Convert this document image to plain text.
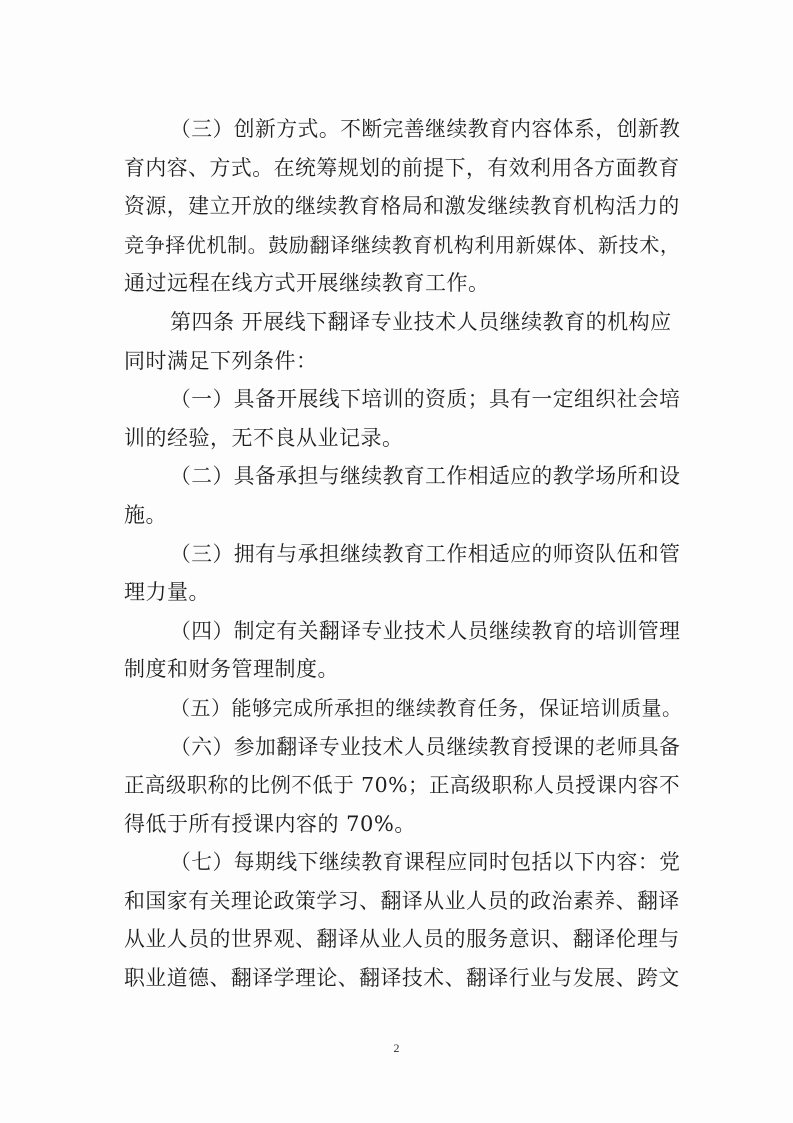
（三）创新方式。不断完善继续教育内容体系，创新教
育内容、方式。在统筹规划的前提下，有效利用各方面教育
资源，建立开放的继续教育格局和激发继续教育机构活力的
竞争择优机制。鼓励翻译继续教育机构利用新媒体、新技术，
通过远程在线方式开展继续教育工作。
第四条 开展线下翻译专业技术人员继续教育的机构应
同时满足下列条件：
（一）具备开展线下培训的资质；具有一定组织社会培
训的经验，无不良从业记录。
（二）具备承担与继续教育工作相适应的教学场所和设
施。
（三）拥有与承担继续教育工作相适应的师资队伍和管
理力量。
（四）制定有关翻译专业技术人员继续教育的培训管理
制度和财务管理制度。
（五）能够完成所承担的继续教育任务，保证培训质量。
（六）参加翻译专业技术人员继续教育授课的老师具备
正高级职称的比例不低于 70%；正高级职称人员授课内容不
得低于所有授课内容的 70%。
（七）每期线下继续教育课程应同时包括以下内容：党
和国家有关理论政策学习、翻译从业人员的政治素养、翻译
从业人员的世界观、翻译从业人员的服务意识、翻译伦理与
职业道德、翻译学理论、翻译技术、翻译行业与发展、跨文
2
